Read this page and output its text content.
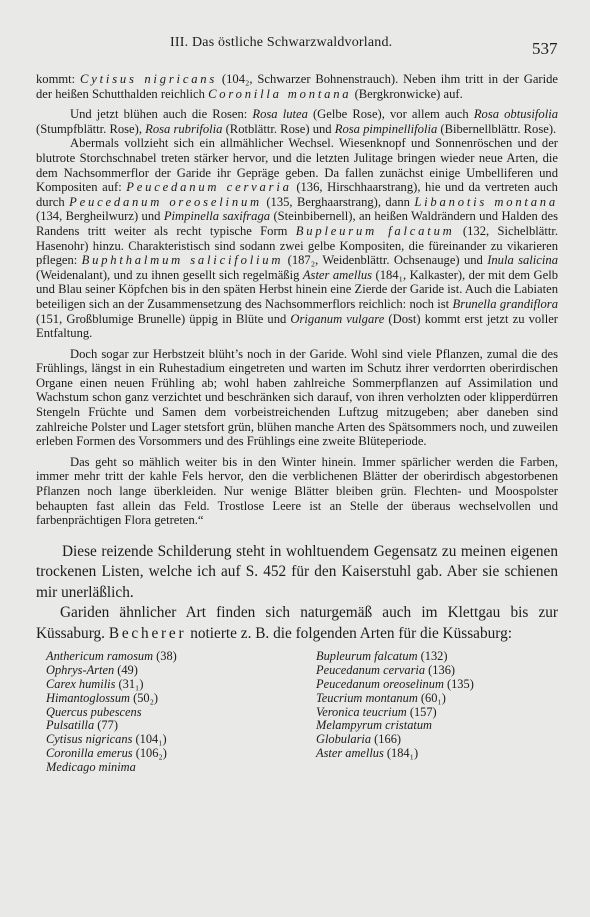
III. Das östliche Schwarzwaldvorland.	537

kommt: Cytisus nigricans (104₂, Schwarzer Bohnenstrauch). Neben ihm tritt in der Garide der heißen Schutthalden reichlich Coronilla montana (Bergkronwicke) auf.

Und jetzt blühen auch die Rosen: Rosa lutea (Gelbe Rose), vor allem auch Rosa obtusifolia (Stumpfblättr. Rose), Rosa rubrifolia (Rotblättr. Rose) und Rosa pimpinellifolia (Bibernellblättr. Rose).

Abermals vollzieht sich ein allmählicher Wechsel. Wiesenknopf und Sonnenröschen und der blutrote Storchschnabel treten stärker hervor, und die letzten Julitage bringen wieder neue Arten, die dem Nachsommerflor der Garide ihr Gepräge geben. Da fallen zunächst einige Umbelliferen und Kompositen auf: Peucedanum cervaria (136, Hirschhaarstrang), hie und da vertreten auch durch Peucedanum oreoselinum (135, Berghaarstrang), dann Libanotis montana (134, Bergheilwurz) und Pimpinella saxifraga (Steinbibernell), an heißen Waldrändern und Halden des Randens tritt weiter als recht typische Form Bupleurum falcatum (132, Sichelblättr. Hasenohr) hinzu. Charakteristisch sind sodann zwei gelbe Kompositen, die füreinander zu vikarieren pflegen: Buphthalmum salicifolium (187₂, Weidenblättr. Ochsenauge) und Inula salicina (Weidenalant), und zu ihnen gesellt sich regelmäßig Aster amellus (184₁, Kalkaster), der mit dem Gelb und Blau seiner Köpfchen bis in den späten Herbst hinein eine Zierde der Garide ist. Auch die Labiaten beteiligen sich an der Zusammensetzung des Nachsommerflors reichlich: noch ist Brunella grandiflora (151, Großblumige Brunelle) üppig in Blüte und Origanum vulgare (Dost) kommt erst jetzt zu voller Entfaltung.

Doch sogar zur Herbstzeit blüht’s noch in der Garide. Wohl sind viele Pflanzen, zumal die des Frühlings, längst in ein Ruhestadium eingetreten und warten im Schutz ihrer verdorrten oberirdischen Organe einen neuen Frühling ab; wohl haben zahlreiche Sommerpflanzen auf Assimilation und Wachstum schon ganz verzichtet und beschränken sich darauf, von ihren verholzten oder klipperdürren Stengeln Früchte und Samen dem vorbeistreichenden Luftzug mitzugeben; aber daneben sind zahlreiche Polster und Lager stetsfort grün, blühen manche Arten des Spätsommers noch, und zuweilen erleben Formen des Vorsommers und des Frühlings eine zweite Blüteperiode.

Das geht so mählich weiter bis in den Winter hinein. Immer spärlicher werden die Farben, immer mehr tritt der kahle Fels hervor, den die verblichenen Blätter der oberirdisch abgestorbenen Pflanzen noch lange überkleiden. Nur wenige Blätter bleiben grün. Flechten- und Moospolster behaupten fast allein das Feld. Trostlose Leere ist an Stelle der überaus wechselvollen und farbenprächtigen Flora getreten.“

Diese reizende Schilderung steht in wohltuendem Gegensatz zu meinen eigenen trockenen Listen, welche ich auf S. 452 für den Kaiserstuhl gab. Aber sie schienen mir unerläßlich.

Gariden ähnlicher Art finden sich naturgemäß auch im Klettgau bis zur Küssaburg. Becherer notierte z. B. die folgenden Arten für die Küssaburg:

Anthericum ramosum (38)
Ophrys-Arten (49)
Carex humilis (31₁)
Himantoglossum (50₂)
Quercus pubescens
Pulsatilla (77)
Cytisus nigricans (104₁)
Coronilla emerus (106₂)
Medicago minima
Bupleurum falcatum (132)
Peucedanum cervaria (136)
Peucedanum oreoselinum (135)
Teucrium montanum (60₁)
Veronica teucrium (157)
Melampyrum cristatum
Globularia (166)
Aster amellus (184₁)
